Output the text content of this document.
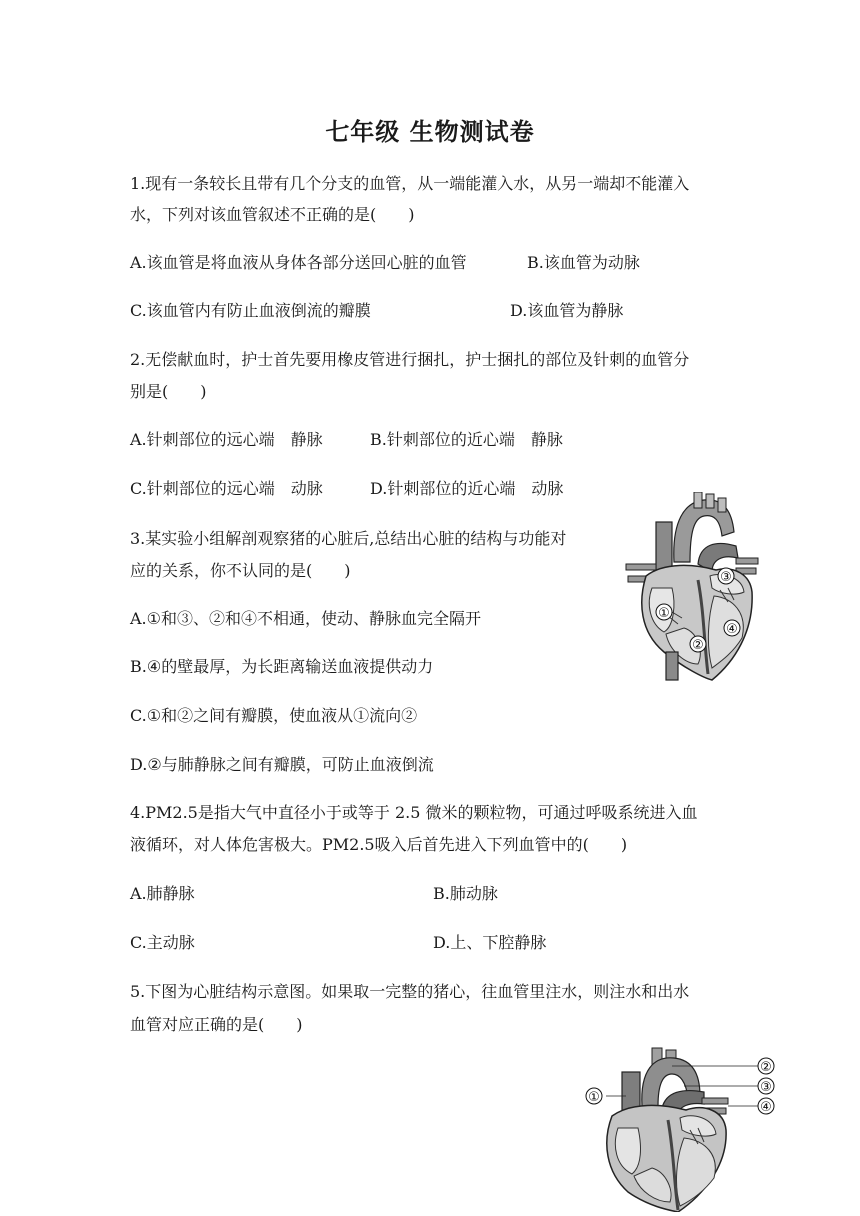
七年级 生物测试卷
1.现有一条较长且带有几个分支的血管，从一端能灌入水，从另一端却不能灌入
水，下列对该血管叙述不正确的是(　　)
A.该血管是将血液从身体各部分送回心脏的血管	B.该血管为动脉
C.该血管内有防止血液倒流的瓣膜	D.该血管为静脉
2.无偿献血时，护士首先要用橡皮管进行捆扎，护士捆扎的部位及针刺的血管分
别是(　　)
A.针刺部位的远心端　静脉	B.针刺部位的近心端　静脉
C.针刺部位的远心端　动脉	D.针刺部位的近心端　动脉
3.某实验小组解剖观察猪的心脏后,总结出心脏的结构与功能对
应的关系，你不认同的是(　　)
A.①和③、②和④不相通，使动、静脉血完全隔开
B.④的壁最厚，为长距离输送血液提供动力
C.①和②之间有瓣膜，使血液从①流向②
D.②与肺静脉之间有瓣膜，可防止血液倒流
①
②
③
④
4.PM2.5是指大气中直径小于或等于 2.5 微米的颗粒物，可通过呼吸系统进入血
液循环，对人体危害极大。PM2.5吸入后首先进入下列血管中的(　　)
A.肺静脉	B.肺动脉
C.主动脉	D.上、下腔静脉
5.下图为心脏结构示意图。如果取一完整的猪心，往血管里注水，则注水和出水
血管对应正确的是(　　)
①
②
③
④
